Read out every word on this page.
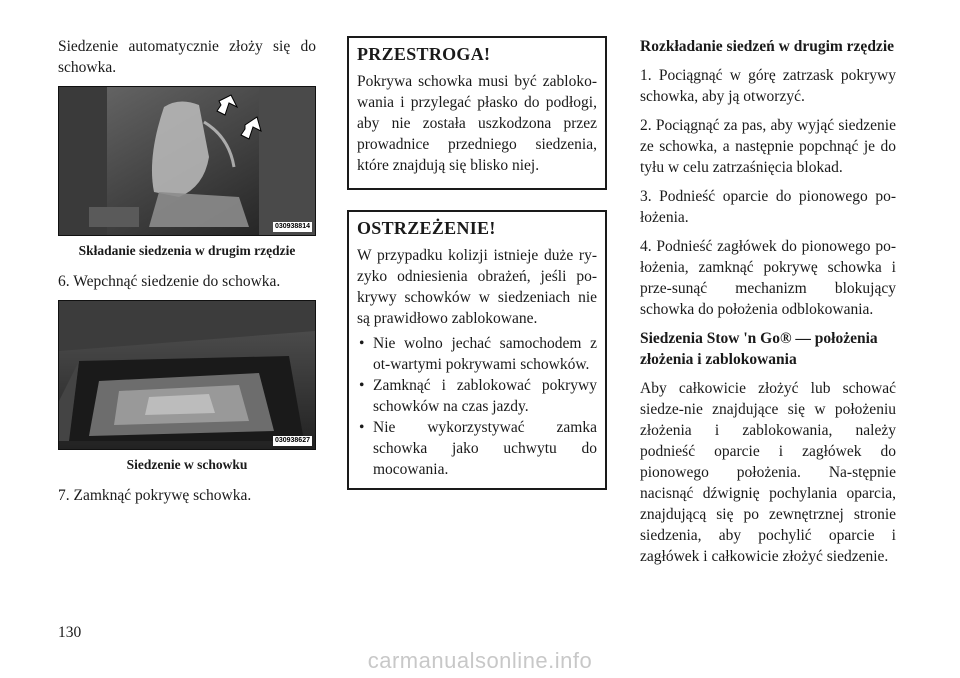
Siedzenie automatycznie złoży się do schowka.

030938814
Składanie siedzenia w drugim rzędzie

6. Wepchnąć siedzenie do schowka.

030938627
Siedzenie w schowku

7. Zamknąć pokrywę schowka.

PRZESTROGA!

Pokrywa schowka musi być zabloko-wania i przylegać płasko do podłogi, aby nie została uszkodzona przez prowadnice przedniego siedzenia, które znajdują się blisko niej.

OSTRZEŻENIE!

W przypadku kolizji istnieje duże ry-zyko odniesienia obrażeń, jeśli po-krywy schowków w siedzeniach nie są prawidłowo zablokowane.

• Nie wolno jechać samochodem z ot-wartymi pokrywami schowków.
• Zamknąć i zablokować pokrywy schowków na czas jazdy.
• Nie wykorzystywać zamka schowka jako uchwytu do mocowania.

Rozkładanie siedzeń w drugim rzędzie

1. Pociągnąć w górę zatrzask pokrywy schowka, aby ją otworzyć.

2. Pociągnąć za pas, aby wyjąć siedzenie ze schowka, a następnie popchnąć je do tyłu w celu zatrzaśnięcia blokad.

3. Podnieść oparcie do pionowego po-łożenia.

4. Podnieść zagłówek do pionowego po-łożenia, zamknąć pokrywę schowka i prze-sunąć mechanizm blokujący schowka do położenia odblokowania.

Siedzenia Stow 'n Go® — położenia złożenia i zablokowania

Aby całkowicie złożyć lub schować siedze-nie znajdujące się w położeniu złożenia i zablokowania, należy podnieść oparcie i zagłówek do pionowego położenia. Na-stępnie nacisnąć dźwignię pochylania oparcia, znajdującą się po zewnętrznej stronie siedzenia, aby pochylić oparcie i zagłówek i całkowicie złożyć siedzenie.

130
carmanualsonline.info
